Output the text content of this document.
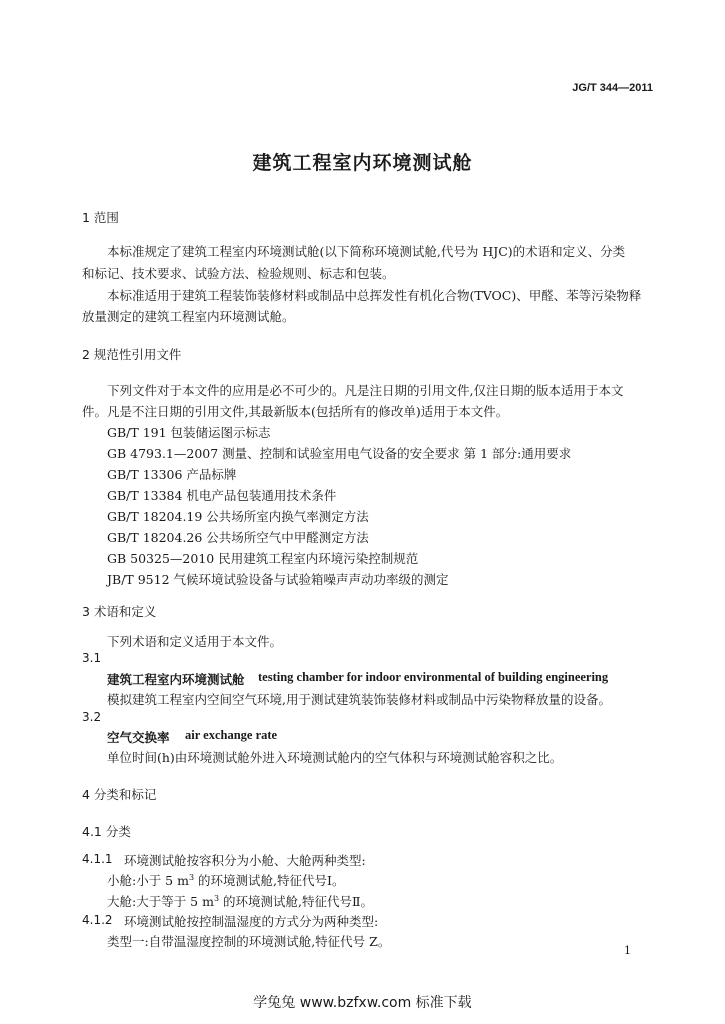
JG/T 344—2011
建筑工程室内环境测试舱
1 范围
本标准规定了建筑工程室内环境测试舱(以下简称环境测试舱,代号为 HJC)的术语和定义、分类
和标记、技术要求、试验方法、检验规则、标志和包装。
本标准适用于建筑工程装饰装修材料或制品中总挥发性有机化合物(TVOC)、甲醛、苯等污染物释
放量测定的建筑工程室内环境测试舱。
2 规范性引用文件
下列文件对于本文件的应用是必不可少的。凡是注日期的引用文件,仅注日期的版本适用于本文
件。凡是不注日期的引用文件,其最新版本(包括所有的修改单)适用于本文件。
GB/T 191 包装储运图示标志
GB 4793.1—2007 测量、控制和试验室用电气设备的安全要求 第 1 部分:通用要求
GB/T 13306 产品标牌
GB/T 13384 机电产品包装通用技术条件
GB/T 18204.19 公共场所室内换气率测定方法
GB/T 18204.26 公共场所空气中甲醛测定方法
GB 50325—2010 民用建筑工程室内环境污染控制规范
JB/T 9512 气候环境试验设备与试验箱噪声声动功率级的测定
3 术语和定义
下列术语和定义适用于本文件。
3.1
建筑工程室内环境测试舱 testing chamber for indoor environmental of building engineering
模拟建筑工程室内空间空气环境,用于测试建筑装饰装修材料或制品中污染物释放量的设备。
3.2
空气交换率 air exchange rate
单位时间(h)由环境测试舱外进入环境测试舱内的空气体积与环境测试舱容积之比。
4 分类和标记
4.1 分类
4.1.1 环境测试舱按容积分为小舱、大舱两种类型:
小舱:小于 5 $m^3$ 的环境测试舱,特征代号Ⅰ。
大舱:大于等于 5 $m^3$ 的环境测试舱,特征代号Ⅱ。
4.1.2 环境测试舱按控制温湿度的方式分为两种类型:
类型一:自带温湿度控制的环境测试舱,特征代号 Z。
1
学兔兔 www.bzfxw.com 标准下载
